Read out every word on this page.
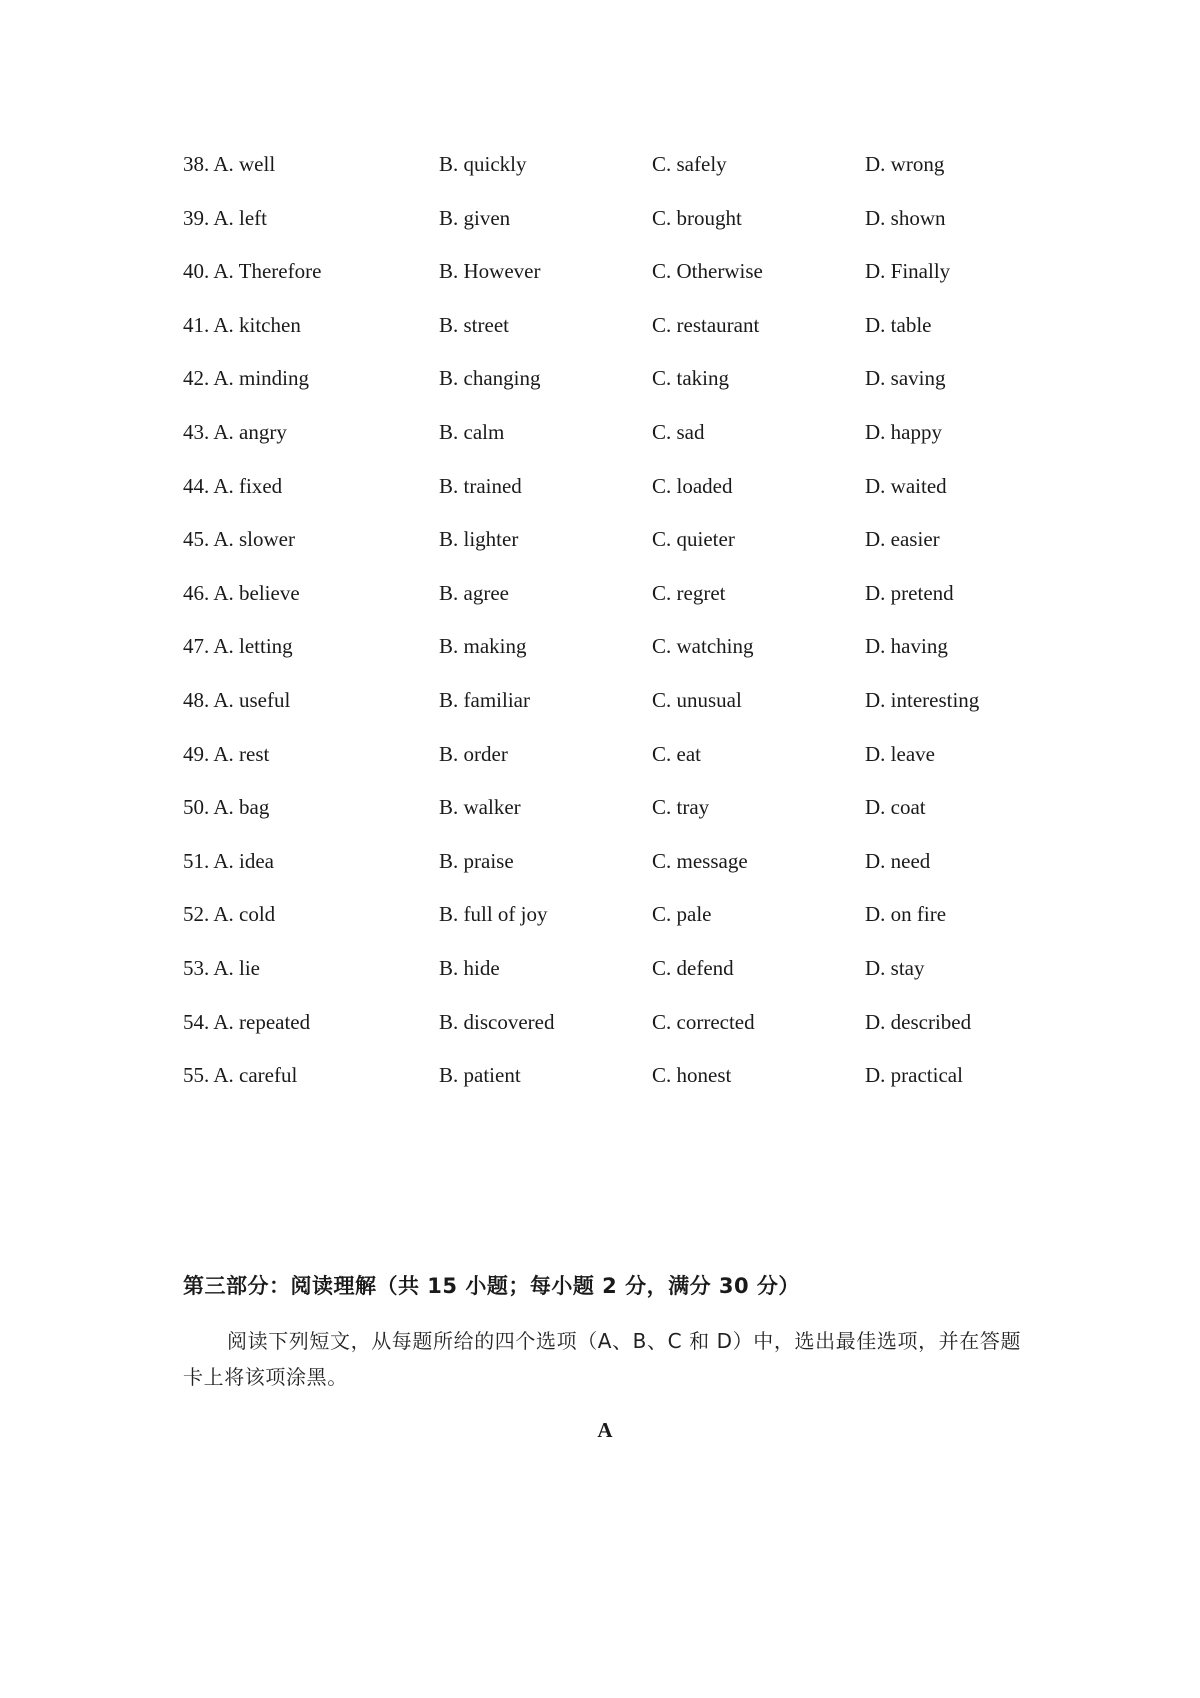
38. A. well	B. quickly	C. safely	D. wrong
39. A. left	B. given	C. brought	D. shown
40. A. Therefore	B. However	C. Otherwise	D. Finally
41. A. kitchen	B. street	C. restaurant	D. table
42. A. minding	B. changing	C. taking	D. saving
43. A. angry	B. calm	C. sad	D. happy
44. A. fixed	B. trained	C. loaded	D. waited
45. A. slower	B. lighter	C. quieter	D. easier
46. A. believe	B. agree	C. regret	D. pretend
47. A. letting	B. making	C. watching	D. having
48. A. useful	B. familiar	C. unusual	D. interesting
49. A. rest	B. order	C. eat	D. leave
50. A. bag	B. walker	C. tray	D. coat
51. A. idea	B. praise	C. message	D. need
52. A. cold	B. full of joy	C. pale	D. on fire
53. A. lie	B. hide	C. defend	D. stay
54. A. repeated	B. discovered	C. corrected	D. described
55. A. careful	B. patient	C. honest	D. practical
第三部分：阅读理解（共 15 小题；每小题 2 分，满分 30 分）
阅读下列短文，从每题所给的四个选项（A、B、C 和 D）中，选出最佳选项，并在答题卡上将该项涂黑。
A
